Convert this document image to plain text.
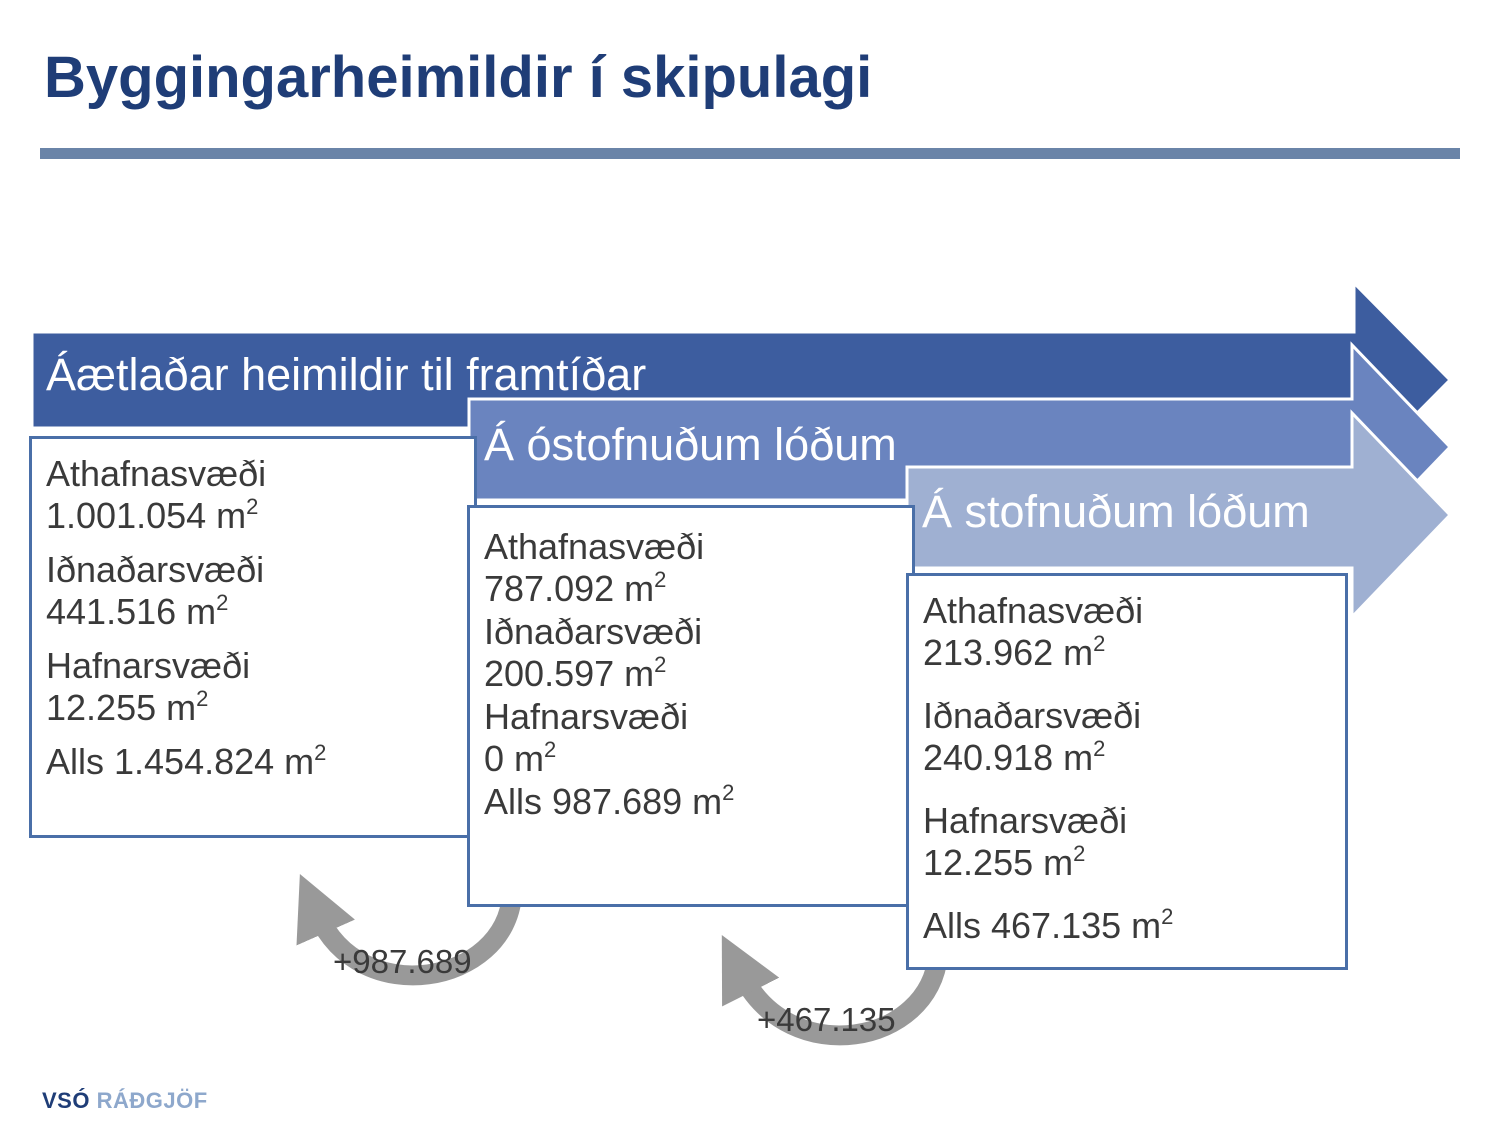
Byggingarheimildir í skipulagi
Áætlaðar heimildir til framtíðar
Á óstofnuðum lóðum
Á stofnuðum lóðum
Athafnasvæði
1.001.054 $m^2$
Iðnaðarsvæði
441.516 $m^2$
Hafnarsvæði
12.255 $m^2$
Alls 1.454.824 $m^2$
Athafnasvæði
787.092 $m^2$
Iðnaðarsvæði
200.597 $m^2$
Hafnarsvæði
0 $m^2$
Alls 987.689 $m^2$
Athafnasvæði
213.962 $m^2$
Iðnaðarsvæði
240.918 $m^2$
Hafnarsvæði
12.255 $m^2$
Alls 467.135 $m^2$
+987.689
+467.135
VSÓ RÁÐGJÖF
